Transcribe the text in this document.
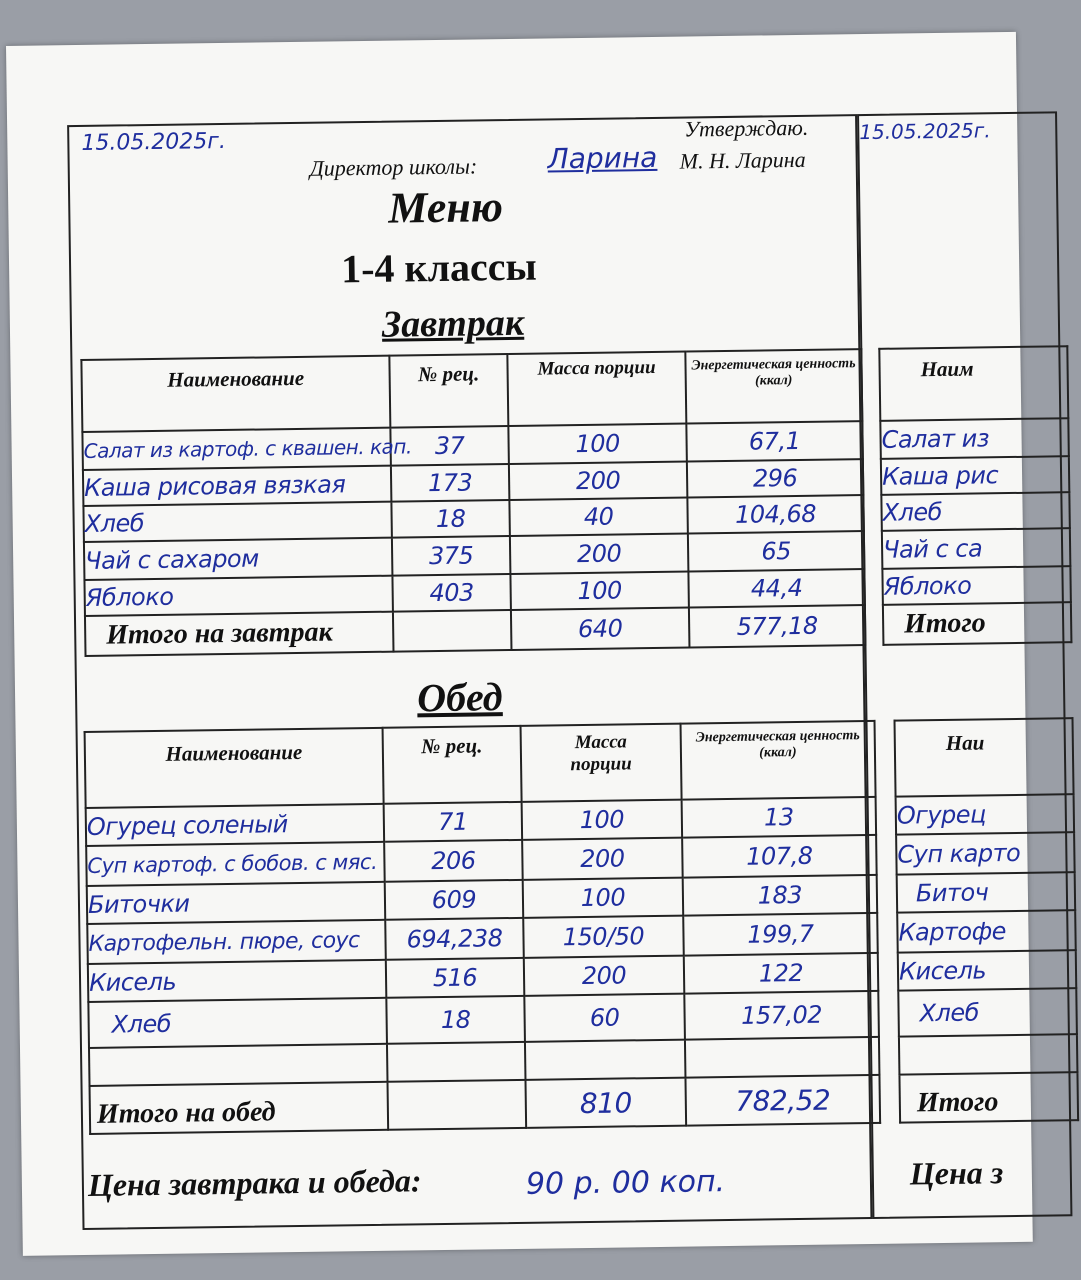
15.05.2025г.
Утверждаю.
Директор школы:	Ларина М. Н. Ларина
Меню
1-4 классы
Завтрак
Наименование	№ рец.	Масса порции	Энергетическая ценность (ккал)
Салат из картоф. с квашен. кап.	37	100	67,1
Каша рисовая вязкая	173	200	296
Хлеб	18	40	104,68
Чай с сахаром	375	200	65
Яблоко	403	100	44,4
Итого на завтрак		640	577,18
Обед
Наименование	№ рец.	Масса порции	Энергетическая ценность (ккал)
Огурец соленый	71	100	13
Суп картоф. с бобов. с мяс.	206	200	107,8
Биточки	609	100	183
Картофельн. пюре, соус	694,238	150/50	199,7
Кисель	516	200	122
Хлеб	18	60	157,02

Итого на обед		810	782,52
Цена завтрака и обеда:	90 р. 00 коп.
15.05.2025г.
Наим
Салат из
Каша рис
Хлеб
Чай с са
Яблоко
Итого
Наи
Огурец
Суп карто
Биточ
Картофе
Кисель
Хлеб

Итого
Цена з
